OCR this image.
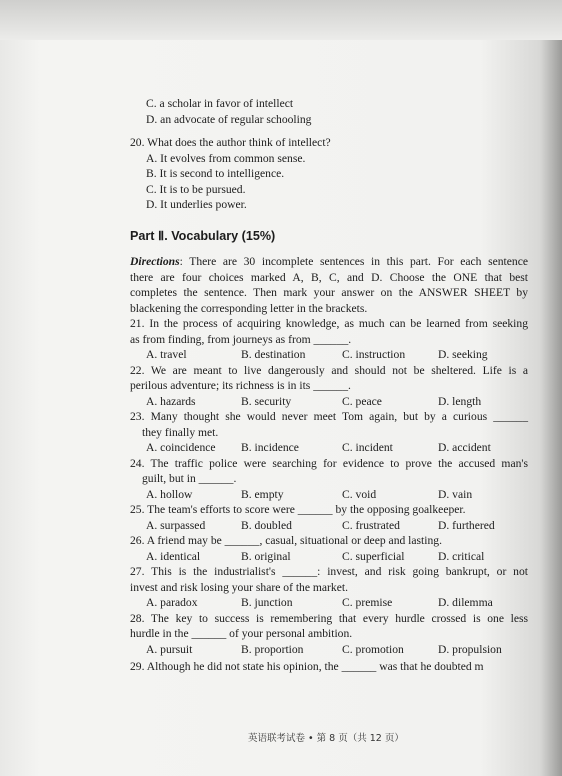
C. a scholar in favor of intellect
D. an advocate of regular schooling
20. What does the author think of intellect?
A. It evolves from common sense.
B. It is second to intelligence.
C. It is to be pursued.
D. It underlies power.
Part Ⅱ. Vocabulary (15%)
Directions: There are 30 incomplete sentences in this part. For each sentence
there are four choices marked A, B, C, and D. Choose the ONE that best
completes the sentence. Then mark your answer on the ANSWER SHEET by
blackening the corresponding letter in the brackets.
21. In the process of acquiring knowledge, as much can be learned from seeking
as from finding, from journeys as from ______.
A. travel	B. destination	C. instruction	D. seeking
22. We are meant to live dangerously and should not be sheltered. Life is a
perilous adventure; its richness is in its ______.
A. hazards	B. security	C. peace	D. length
23. Many thought she would never meet Tom again, but by a curious ______
they finally met.
A. coincidence	B. incidence	C. incident	D. accident
24. The traffic police were searching for evidence to prove the accused man's
guilt, but in ______.
A. hollow	B. empty	C. void	D. vain
25. The team's efforts to score were ______ by the opposing goalkeeper.
A. surpassed	B. doubled	C. frustrated	D. furthered
26. A friend may be ______, casual, situational or deep and lasting.
A. identical	B. original	C. superficial	D. critical
27. This is the industrialist's ______: invest, and risk going bankrupt, or not
invest and risk losing your share of the market.
A. paradox	B. junction	C. premise	D. dilemma
28. The key to success is remembering that every hurdle crossed is one less
hurdle in the ______ of your personal ambition.
A. pursuit	B. proportion	C. promotion	D. propulsion
29. Although he did not state his opinion, the ______ was that he doubted m
英语联考试卷 • 第 8 页（共 12 页）
